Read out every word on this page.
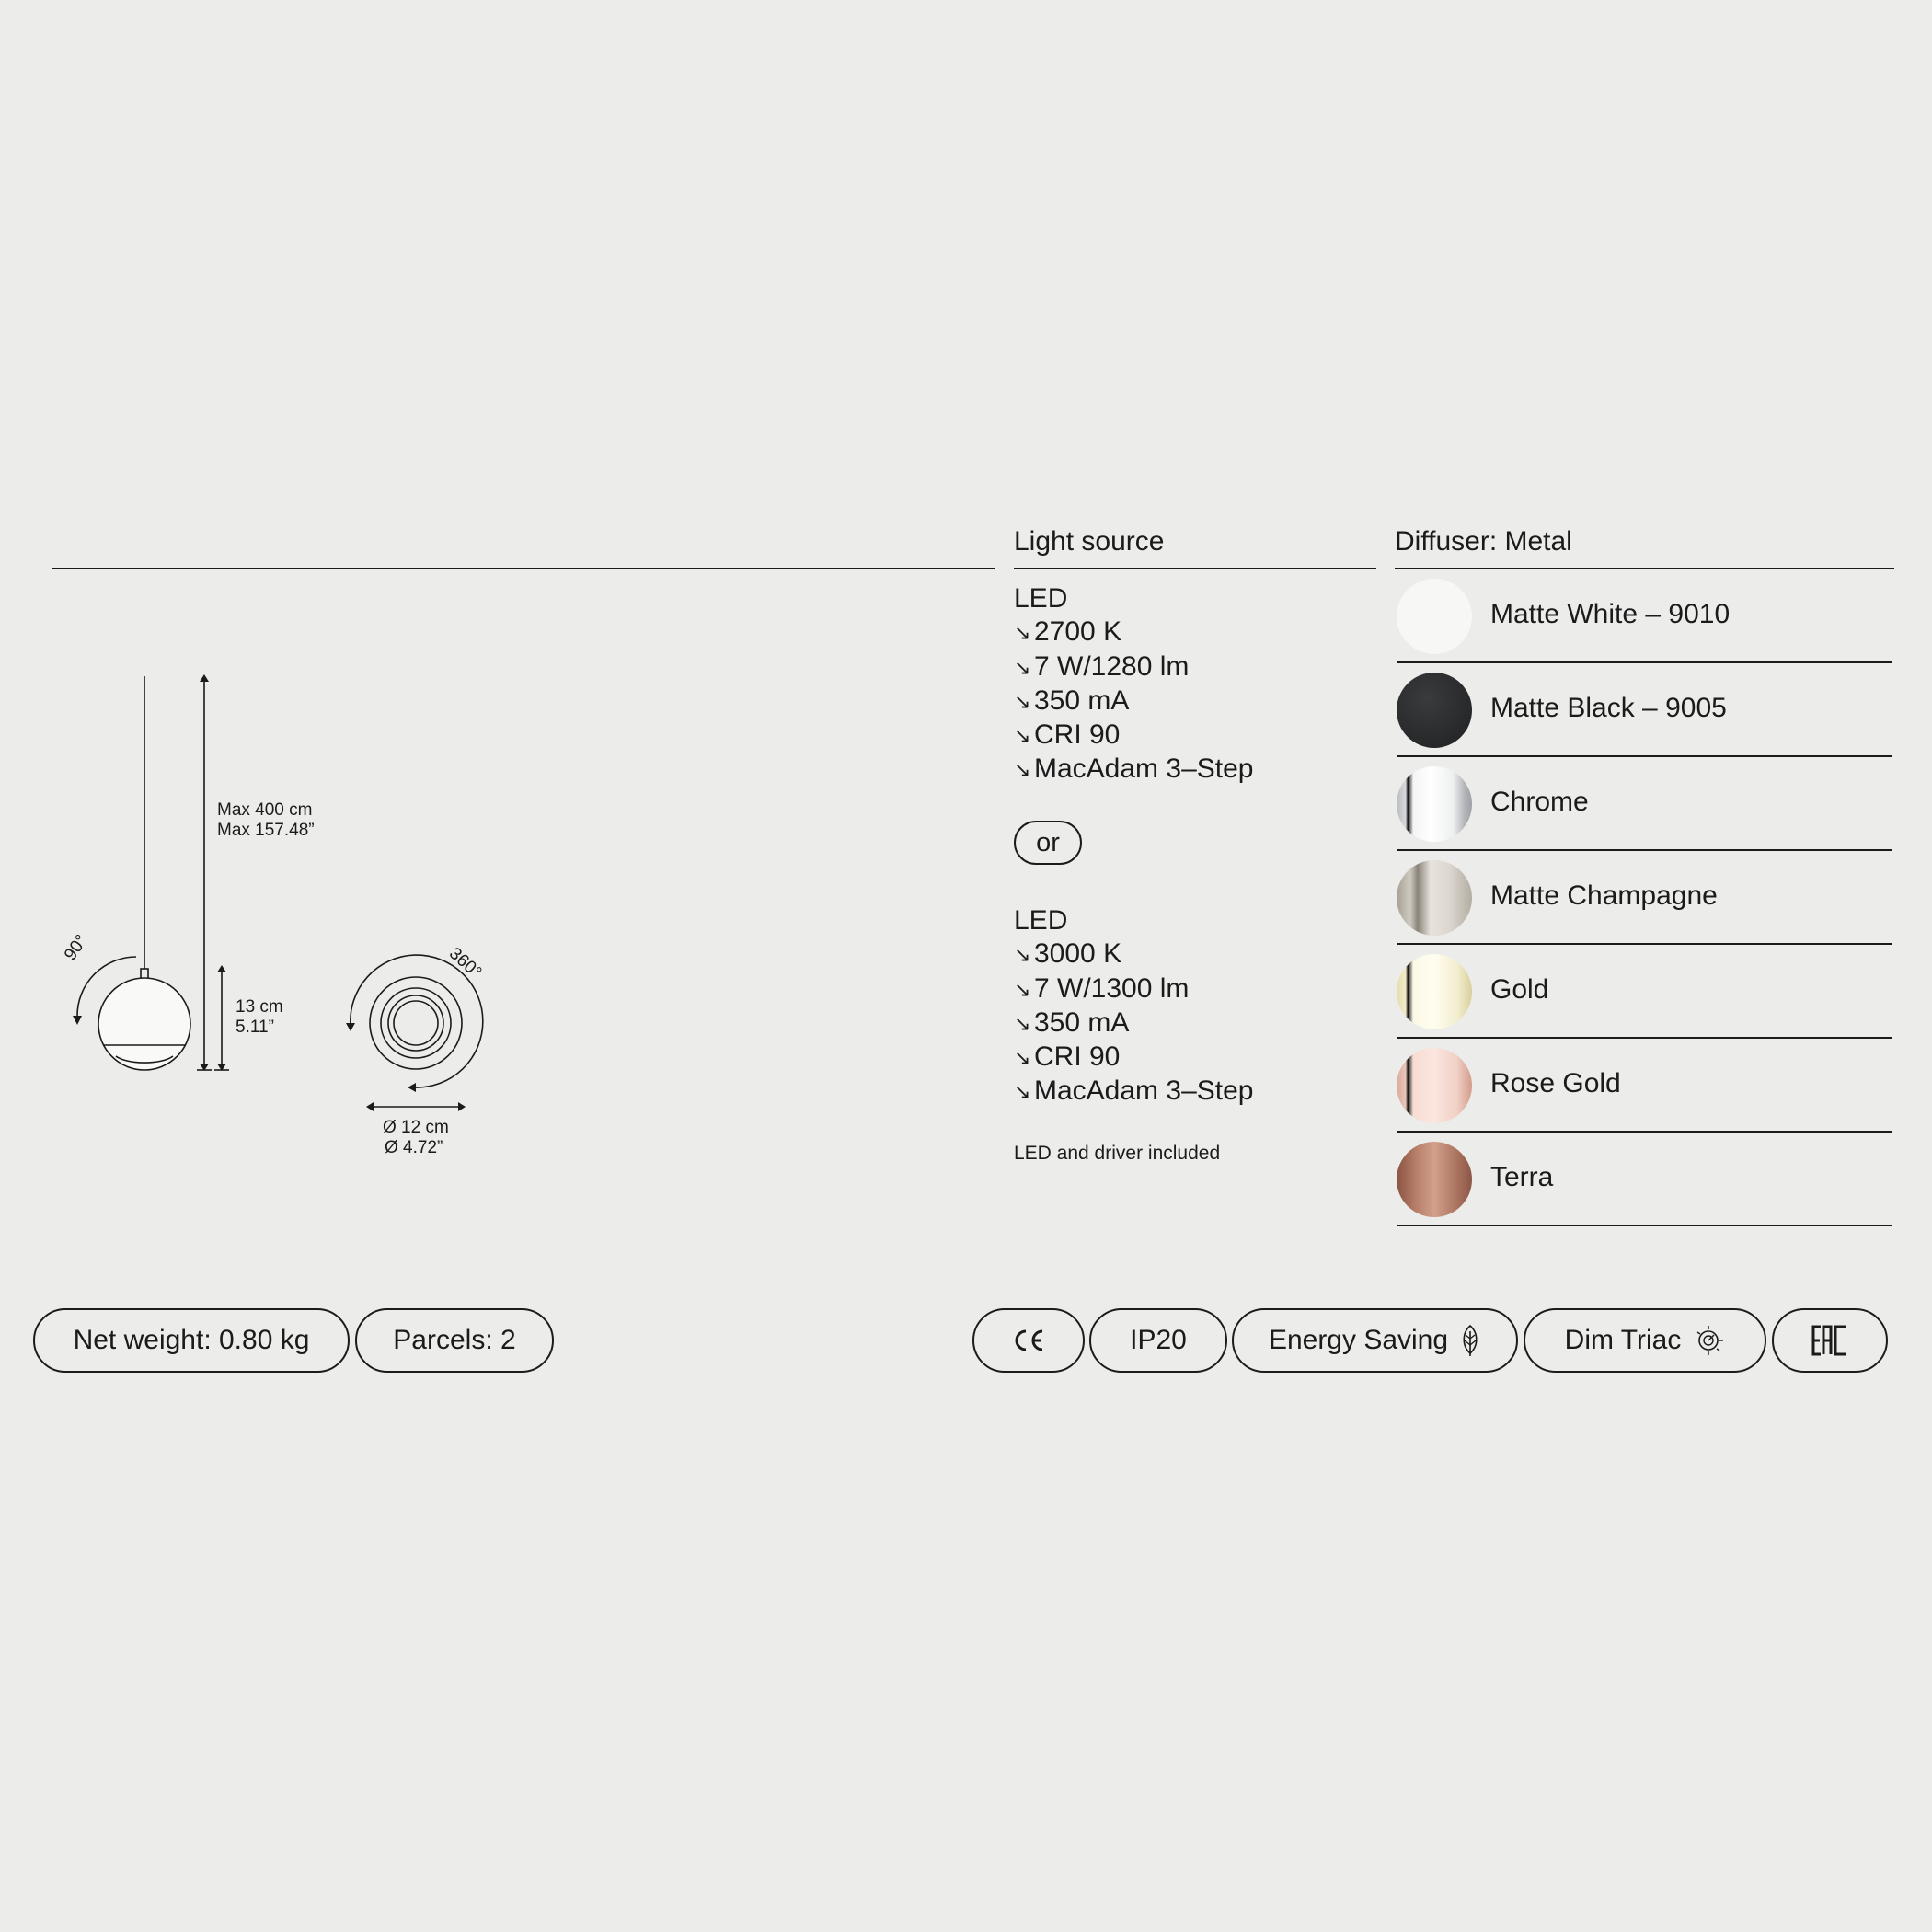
Max 400 cm
Max 157.48”
13 cm
5.11”
Ø 12 cm
Ø 4.72”
90°	360°
Light source
LED
↘ 2700 K
↘ 7 W/1280 lm
↘ 350 mA
↘ CRI 90
↘ MacAdam 3–Step
or
LED
↘ 3000 K
↘ 7 W/1300 lm
↘ 350 mA
↘ CRI 90
↘ MacAdam 3–Step
LED and driver included
Diffuser: Metal
Matte White – 9010
Matte Black – 9005
Chrome
Matte Champagne
Gold
Rose Gold
Terra
Net weight: 0.80 kg	Parcels: 2	IP20	Energy Saving	Dim Triac
